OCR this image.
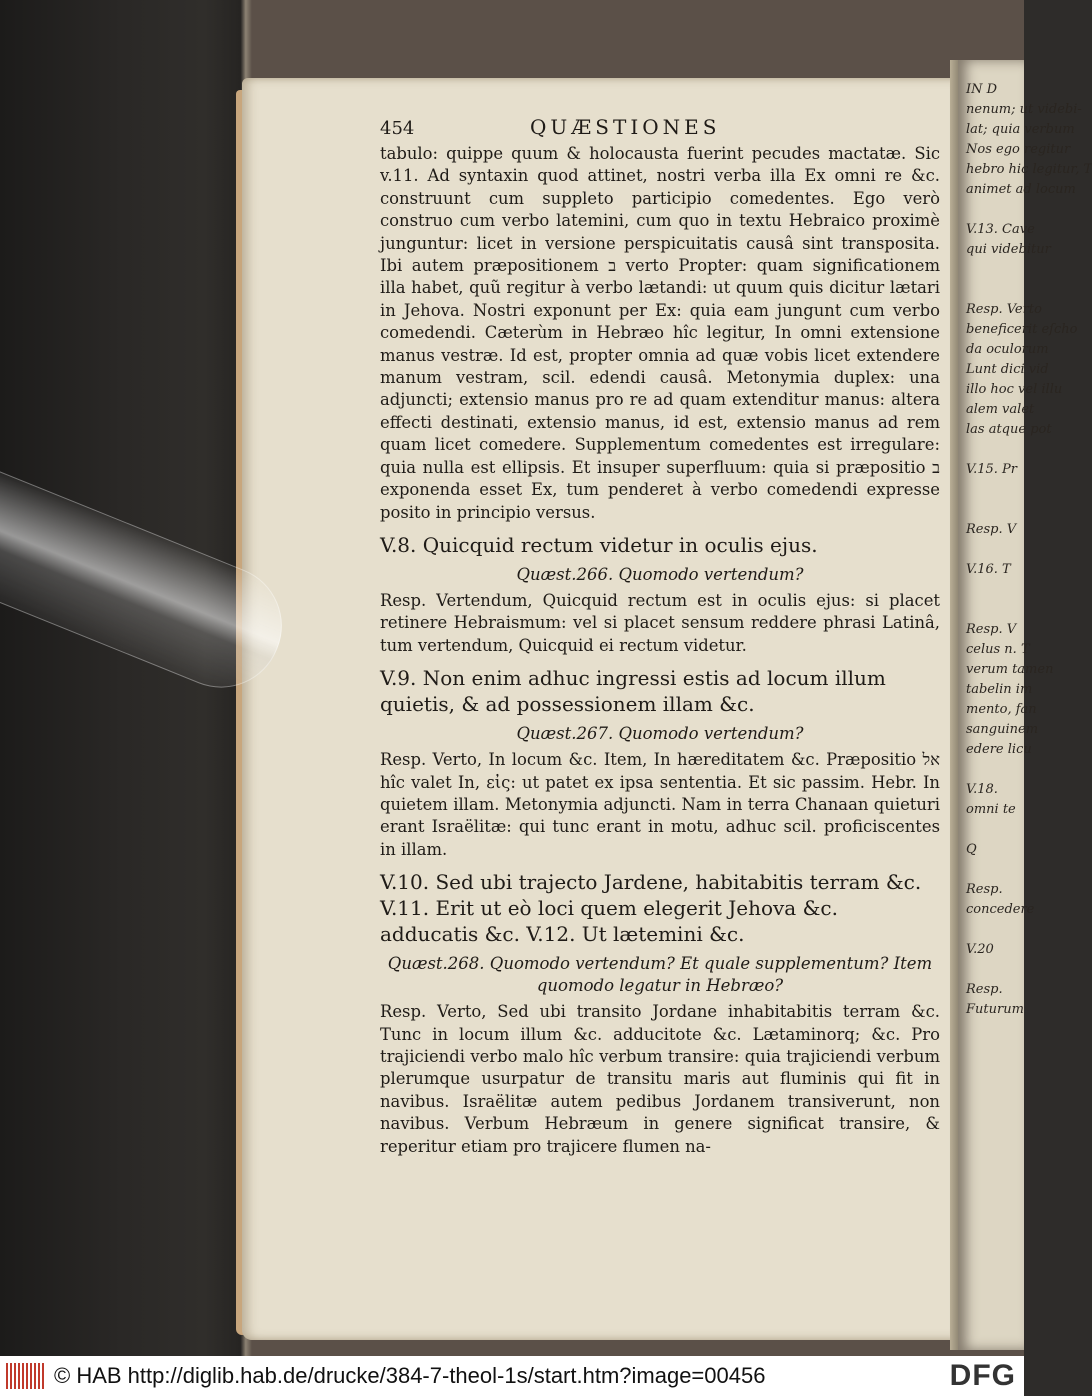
IN D
nenum; ut videbi-
lat; quia verbum
Nos ego regitur
hebro hic legitur, T
animet ad locum

V.13. Cave
qui videbitur

Resp. Verto
beneficerit eſcho
da oculorum
Lunt dici vid
illo hoc vel illu
alem valet
las atque pot

V.15. Pr

Resp. V

V.16. T

Resp. V
celus n. T
verum tamen
tabelin im
mento, fan
sanguinem
edere licu

V.18.
omni te

Q

Resp.
concedere

V.20

Resp.
Futurum
454	QUÆSTIONES

tabulo: quippe quum & holocausta fuerint pecudes mactatæ. Sic v.11. Ad syntaxin quod attinet, nostri verba illa Ex omni re &c. construunt cum suppleto participio comedentes. Ego verò construo cum verbo latemini, cum quo in textu Hebraico proximè junguntur: licet in versione perspicuitatis causâ sint transposita. Ibi autem præpositionem ב verto Propter: quam significationem illa habet, quũ regitur à verbo lætandi: ut quum quis dicitur lætari in Jehova. Nostri exponunt per Ex: quia eam jungunt cum verbo comedendi. Cæterùm in Hebræo hîc legitur, In omni extensione manus vestræ. Id est, propter omnia ad quæ vobis licet extendere manum vestram, scil. edendi causâ. Metonymia duplex: una adjuncti; extensio manus pro re ad quam extenditur manus: altera effecti destinati, extensio manus, id est, extensio manus ad rem quam licet comedere. Supplementum comedentes est irregulare: quia nulla est ellipsis. Et insuper superfluum: quia si præpositio ב exponenda esset Ex, tum penderet à verbo comedendi expresse posito in principio versus.

V.8. Quicquid rectum videtur in oculis ejus.
Quæst.266. Quomodo vertendum?

Resp. Vertendum, Quicquid rectum est in oculis ejus: si placet retinere Hebraismum: vel si placet sensum reddere phrasi Latinâ, tum vertendum, Quicquid ei rectum videtur.

V.9. Non enim adhuc ingressi estis ad locum illum quietis, & ad possessionem illam &c.
Quæst.267. Quomodo vertendum?

Resp. Verto, In locum &c. Item, In hæreditatem &c. Præpositio אל hîc valet In, εἰς: ut patet ex ipsa sententia. Et sic passim. Hebr. In quietem illam. Metonymia adjuncti. Nam in terra Chanaan quieturi erant Israëlitæ: qui tunc erant in motu, adhuc scil. proficiscentes in illam.

V.10. Sed ubi trajecto Jardene, habitabitis terram &c. V.11. Erit ut eò loci quem elegerit Jehova &c. adducatis &c. V.12. Ut lætemini &c.
Quæst.268. Quomodo vertendum? Et quale supplementum? Item quomodo legatur in Hebræo?

Resp. Verto, Sed ubi transito Jordane inhabitabitis terram &c. Tunc in locum illum &c. adducitote &c. Lætaminorq; &c. Pro trajiciendi verbo malo hîc verbum transire: quia trajiciendi verbum plerumque usurpatur de transitu maris aut fluminis qui fit in navibus. Israëlitæ autem pedibus Jordanem transiverunt, non navibus. Verbum Hebræum in genere significat transire, & reperitur etiam pro trajicere flumen na-

© HAB http://diglib.hab.de/drucke/384-7-theol-1s/start.htm?image=00456	DFG
